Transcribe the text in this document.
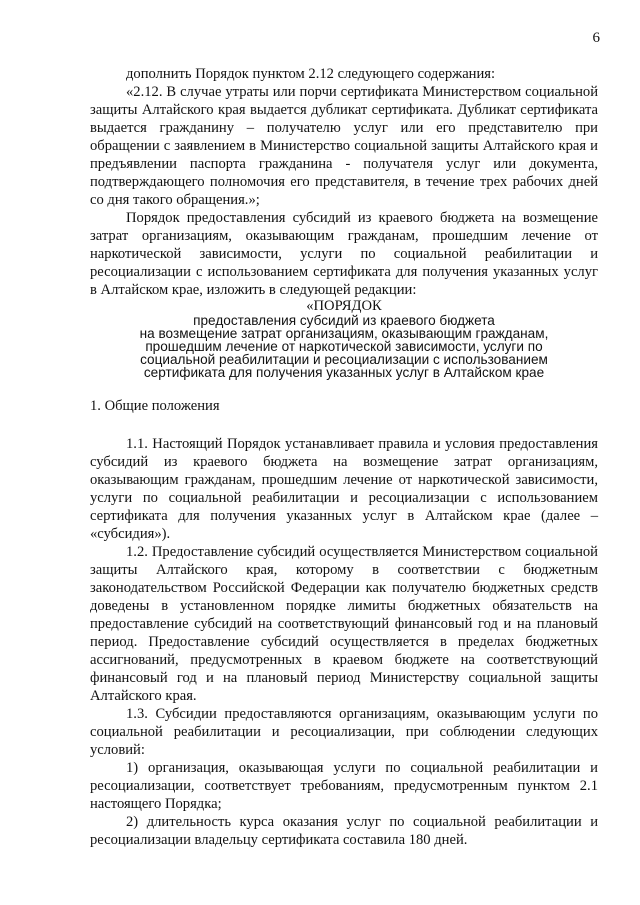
6

дополнить Порядок пунктом 2.12 следующего содержания:

«2.12. В случае утраты или порчи сертификата Министерством социальной защиты Алтайского края выдается дубликат сертификата. Дубликат сертификата выдается гражданину – получателю услуг или его представителю при обращении с заявлением в Министерство социальной защиты Алтайского края и предъявлении паспорта гражданина - получателя услуг или документа, подтверждающего полномочия его представителя, в течение трех рабочих дней со дня такого обращения.»;

Порядок предоставления субсидий из краевого бюджета на возмещение затрат организациям, оказывающим гражданам, прошедшим лечение от наркотической зависимости, услуги по социальной реабилитации и ресоциализации с использованием сертификата для получения указанных услуг в Алтайском крае, изложить в следующей редакции:

«ПОРЯДОК
предоставления субсидий из краевого бюджета
на возмещение затрат организациям, оказывающим гражданам,
прошедшим лечение от наркотической зависимости, услуги по
социальной реабилитации и ресоциализации с использованием
сертификата для получения указанных услуг в Алтайском крае

1. Общие положения

1.1. Настоящий Порядок устанавливает правила и условия предоставления субсидий из краевого бюджета на возмещение затрат организациям, оказывающим гражданам, прошедшим лечение от наркотической зависимости, услуги по социальной реабилитации и ресоциализации с использованием сертификата для получения указанных услуг в Алтайском крае (далее – «субсидия»).

1.2. Предоставление субсидий осуществляется Министерством социальной защиты Алтайского края, которому в соответствии с бюджетным законодательством Российской Федерации как получателю бюджетных средств доведены в установленном порядке лимиты бюджетных обязательств на предоставление субсидий на соответствующий финансовый год и на плановый период. Предоставление субсидий осуществляется в пределах бюджетных ассигнований, предусмотренных в краевом бюджете на соответствующий финансовый год и на плановый период Министерству социальной защиты Алтайского края.

1.3. Субсидии предоставляются организациям, оказывающим услуги по социальной реабилитации и ресоциализации, при соблюдении следующих условий:

1) организация, оказывающая услуги по социальной реабилитации и ресоциализации, соответствует требованиям, предусмотренным пунктом 2.1 настоящего Порядка;

2) длительность курса оказания услуг по социальной реабилитации и ресоциализации владельцу сертификата составила 180 дней.
